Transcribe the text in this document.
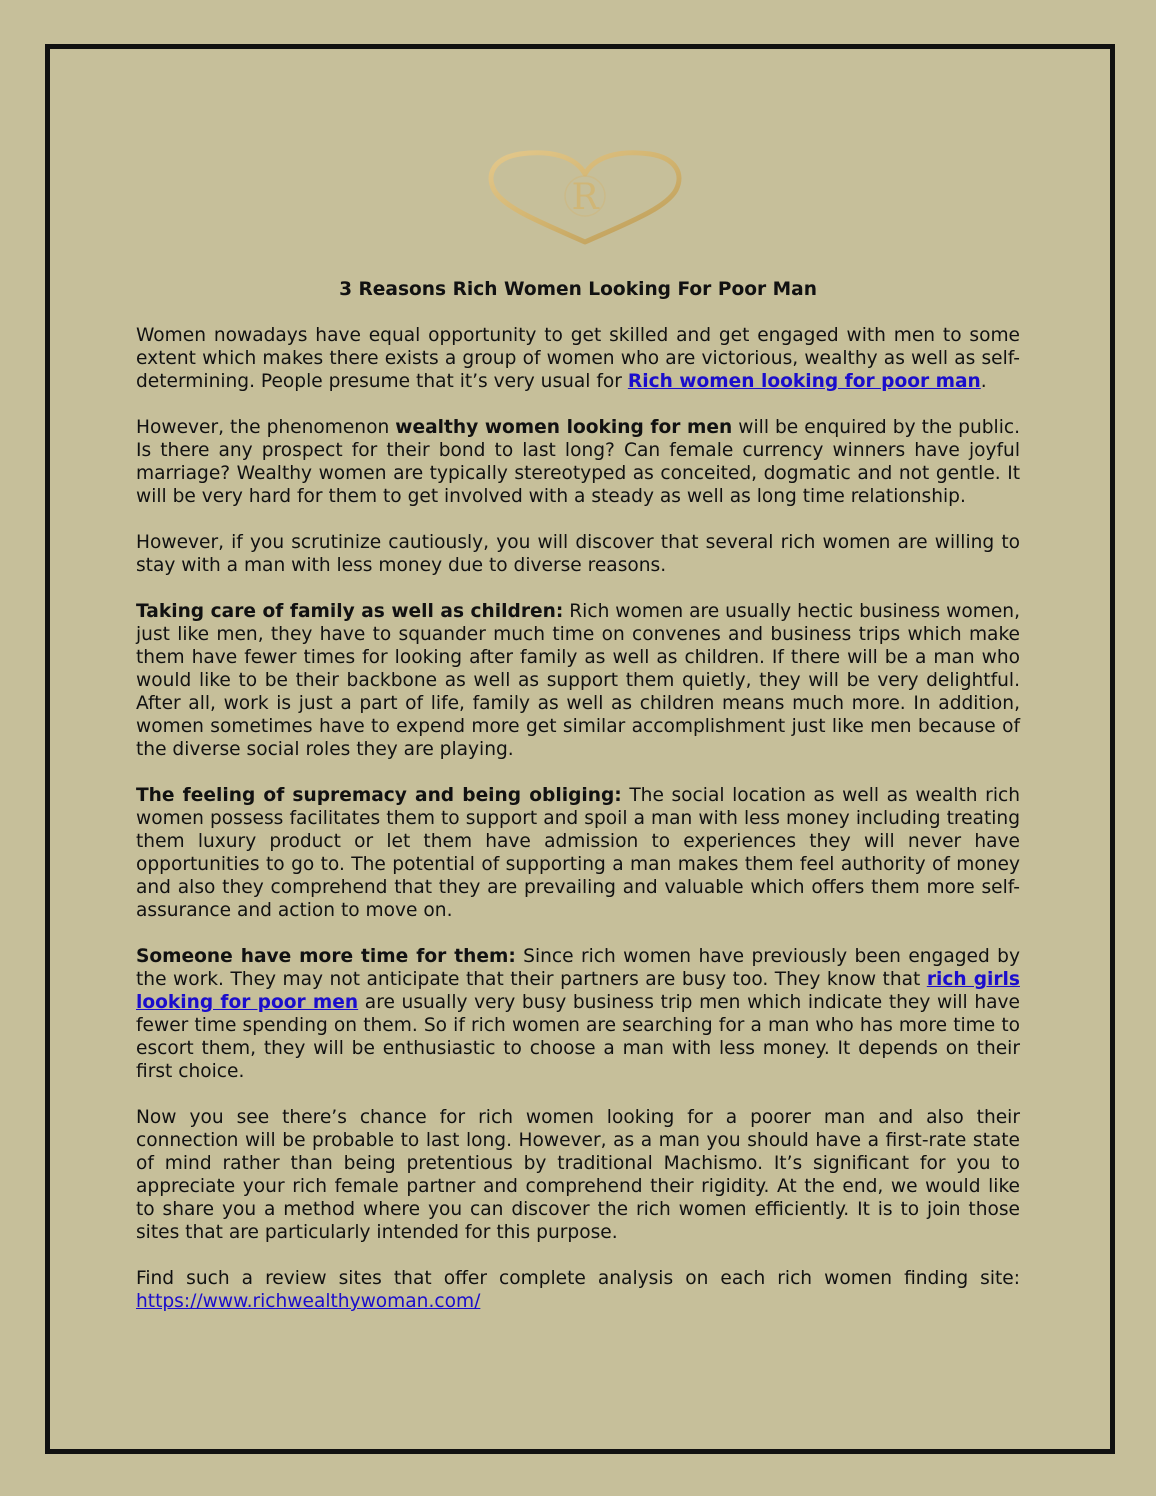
R
3 Reasons Rich Women Looking For Poor Man

Women nowadays have equal opportunity to get skilled and get engaged with men to some extent which makes there exists a group of women who are victorious, wealthy as well as self-determining. People presume that it’s very usual for Rich women looking for poor man.

However, the phenomenon wealthy women looking for men will be enquired by the public. Is there any prospect for their bond to last long? Can female currency winners have joyful marriage? Wealthy women are typically stereotyped as conceited, dogmatic and not gentle. It will be very hard for them to get involved with a steady as well as long time relationship.

However, if you scrutinize cautiously, you will discover that several rich women are willing to stay with a man with less money due to diverse reasons.

Taking care of family as well as children: Rich women are usually hectic business women, just like men, they have to squander much time on convenes and business trips which make them have fewer times for looking after family as well as children. If there will be a man who would like to be their backbone as well as support them quietly, they will be very delightful. After all, work is just a part of life, family as well as children means much more. In addition, women sometimes have to expend more get similar accomplishment just like men because of the diverse social roles they are playing.

The feeling of supremacy and being obliging: The social location as well as wealth rich women possess facilitates them to support and spoil a man with less money including treating them luxury product or let them have admission to experiences they will never have opportunities to go to. The potential of supporting a man makes them feel authority of money and also they comprehend that they are prevailing and valuable which offers them more self-assurance and action to move on.

Someone have more time for them: Since rich women have previously been engaged by the work. They may not anticipate that their partners are busy too. They know that rich girls looking for poor men are usually very busy business trip men which indicate they will have fewer time spending on them. So if rich women are searching for a man who has more time to escort them, they will be enthusiastic to choose a man with less money. It depends on their first choice.

Now you see there’s chance for rich women looking for a poorer man and also their connection will be probable to last long. However, as a man you should have a first-rate state of mind rather than being pretentious by traditional Machismo. It’s significant for you to appreciate your rich female partner and comprehend their rigidity. At the end, we would like to share you a method where you can discover the rich women efficiently. It is to join those sites that are particularly intended for this purpose.

Find such a review sites that offer complete analysis on each rich women finding site: https://www.richwealthywoman.com/
